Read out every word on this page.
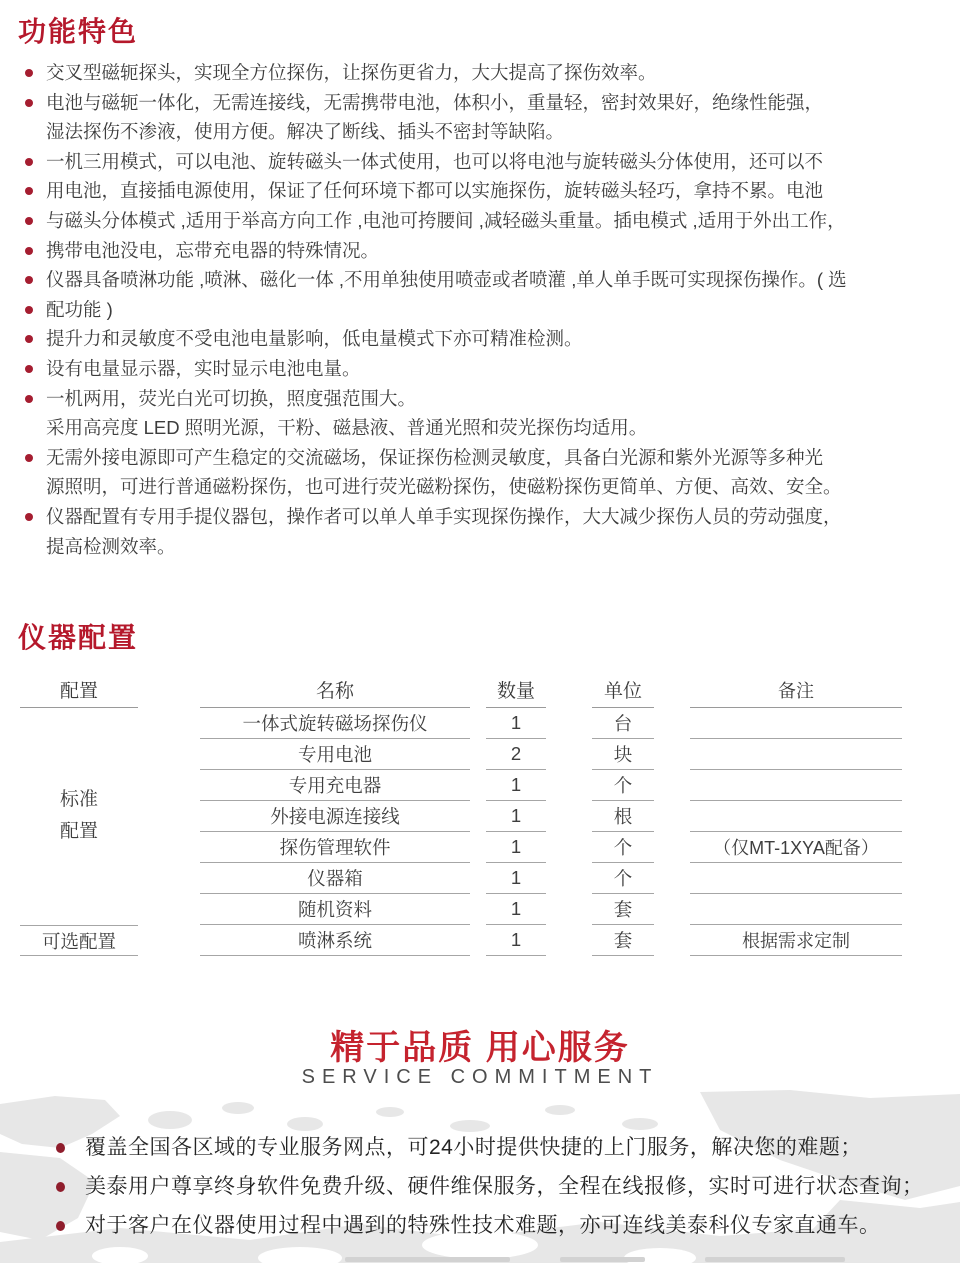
功能特色
交叉型磁轭探头，实现全方位探伤，让探伤更省力，大大提高了探伤效率。
电池与磁轭一体化，无需连接线，无需携带电池，体积小，重量轻，密封效果好，绝缘性能强，
湿法探伤不渗液，使用方便。解决了断线、插头不密封等缺陷。
一机三用模式，可以电池、旋转磁头一体式使用，也可以将电池与旋转磁头分体使用，还可以不
用电池，直接插电源使用，保证了任何环境下都可以实施探伤，旋转磁头轻巧，拿持不累。电池
与磁头分体模式 ,适用于举高方向工作 ,电池可挎腰间 ,减轻磁头重量。插电模式 ,适用于外出工作，
携带电池没电，忘带充电器的特殊情况。
仪器具备喷淋功能 ,喷淋、磁化一体 ,不用单独使用喷壶或者喷灌 ,单人单手既可实现探伤操作。( 选
配功能 )
提升力和灵敏度不受电池电量影响，低电量模式下亦可精准检测。
设有电量显示器，实时显示电池电量。
一机两用，荧光白光可切换，照度强范围大。
采用高亮度 LED 照明光源，干粉、磁悬液、普通光照和荧光探伤均适用。
无需外接电源即可产生稳定的交流磁场，保证探伤检测灵敏度，具备白光源和紫外光源等多种光
源照明，可进行普通磁粉探伤，也可进行荧光磁粉探伤，使磁粉探伤更简单、方便、高效、安全。
仪器配置有专用手提仪器包，操作者可以单人单手实现探伤操作，大大减少探伤人员的劳动强度，
提高检测效率。
仪器配置
配置	名称	数量	单位	备注
一体式旋转磁场探伤仪	1	台
专用电池	2	块
专用充电器	1	个
外接电源连接线	1	根
探伤管理软件	1	个	（仅MT-1XYA配备）
仪器箱	1	个
随机资料	1	套
可选配置	喷淋系统	1	套	根据需求定制
标准
配置
精于品质 用心服务
SERVICE COMMITMENT
覆盖全国各区域的专业服务网点，可24小时提供快捷的上门服务，解决您的难题；
美泰用户尊享终身软件免费升级、硬件维保服务，全程在线报修，实时可进行状态查询；
对于客户在仪器使用过程中遇到的特殊性技术难题，亦可连线美泰科仪专家直通车。
